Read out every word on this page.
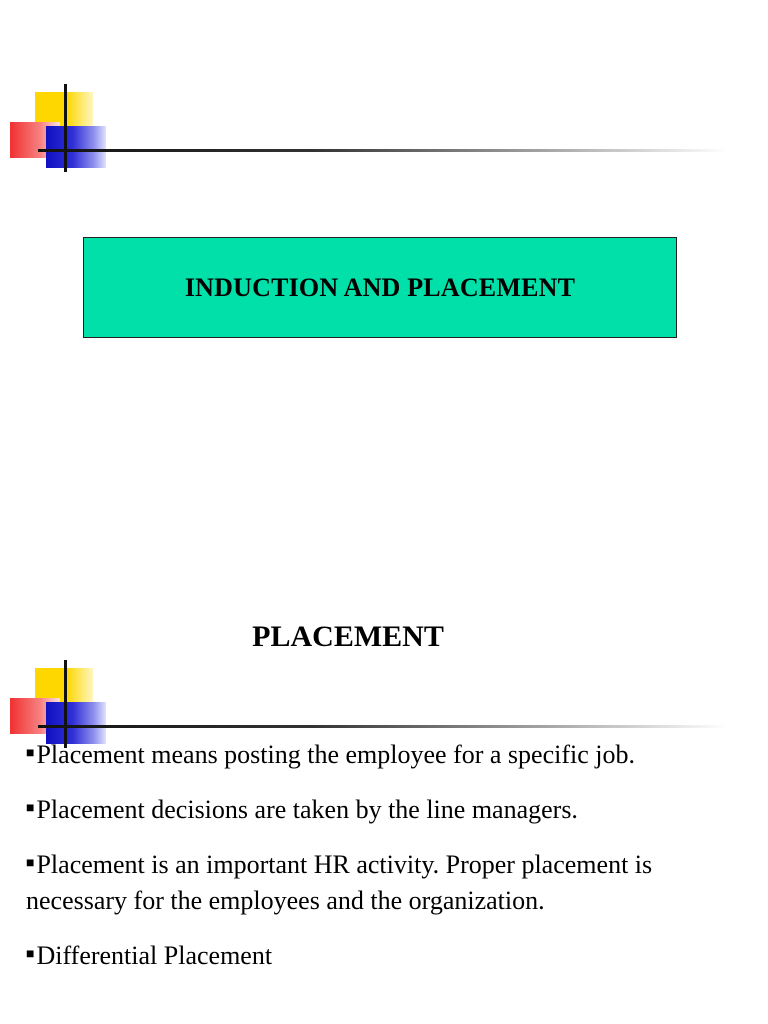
INDUCTION AND PLACEMENT
PLACEMENT
■Placement means posting the employee for a specific job.
■Placement decisions are taken by the line managers.
■Placement is an important HR activity. Proper placement is necessary for the employees and the organization.
■Differential Placement
